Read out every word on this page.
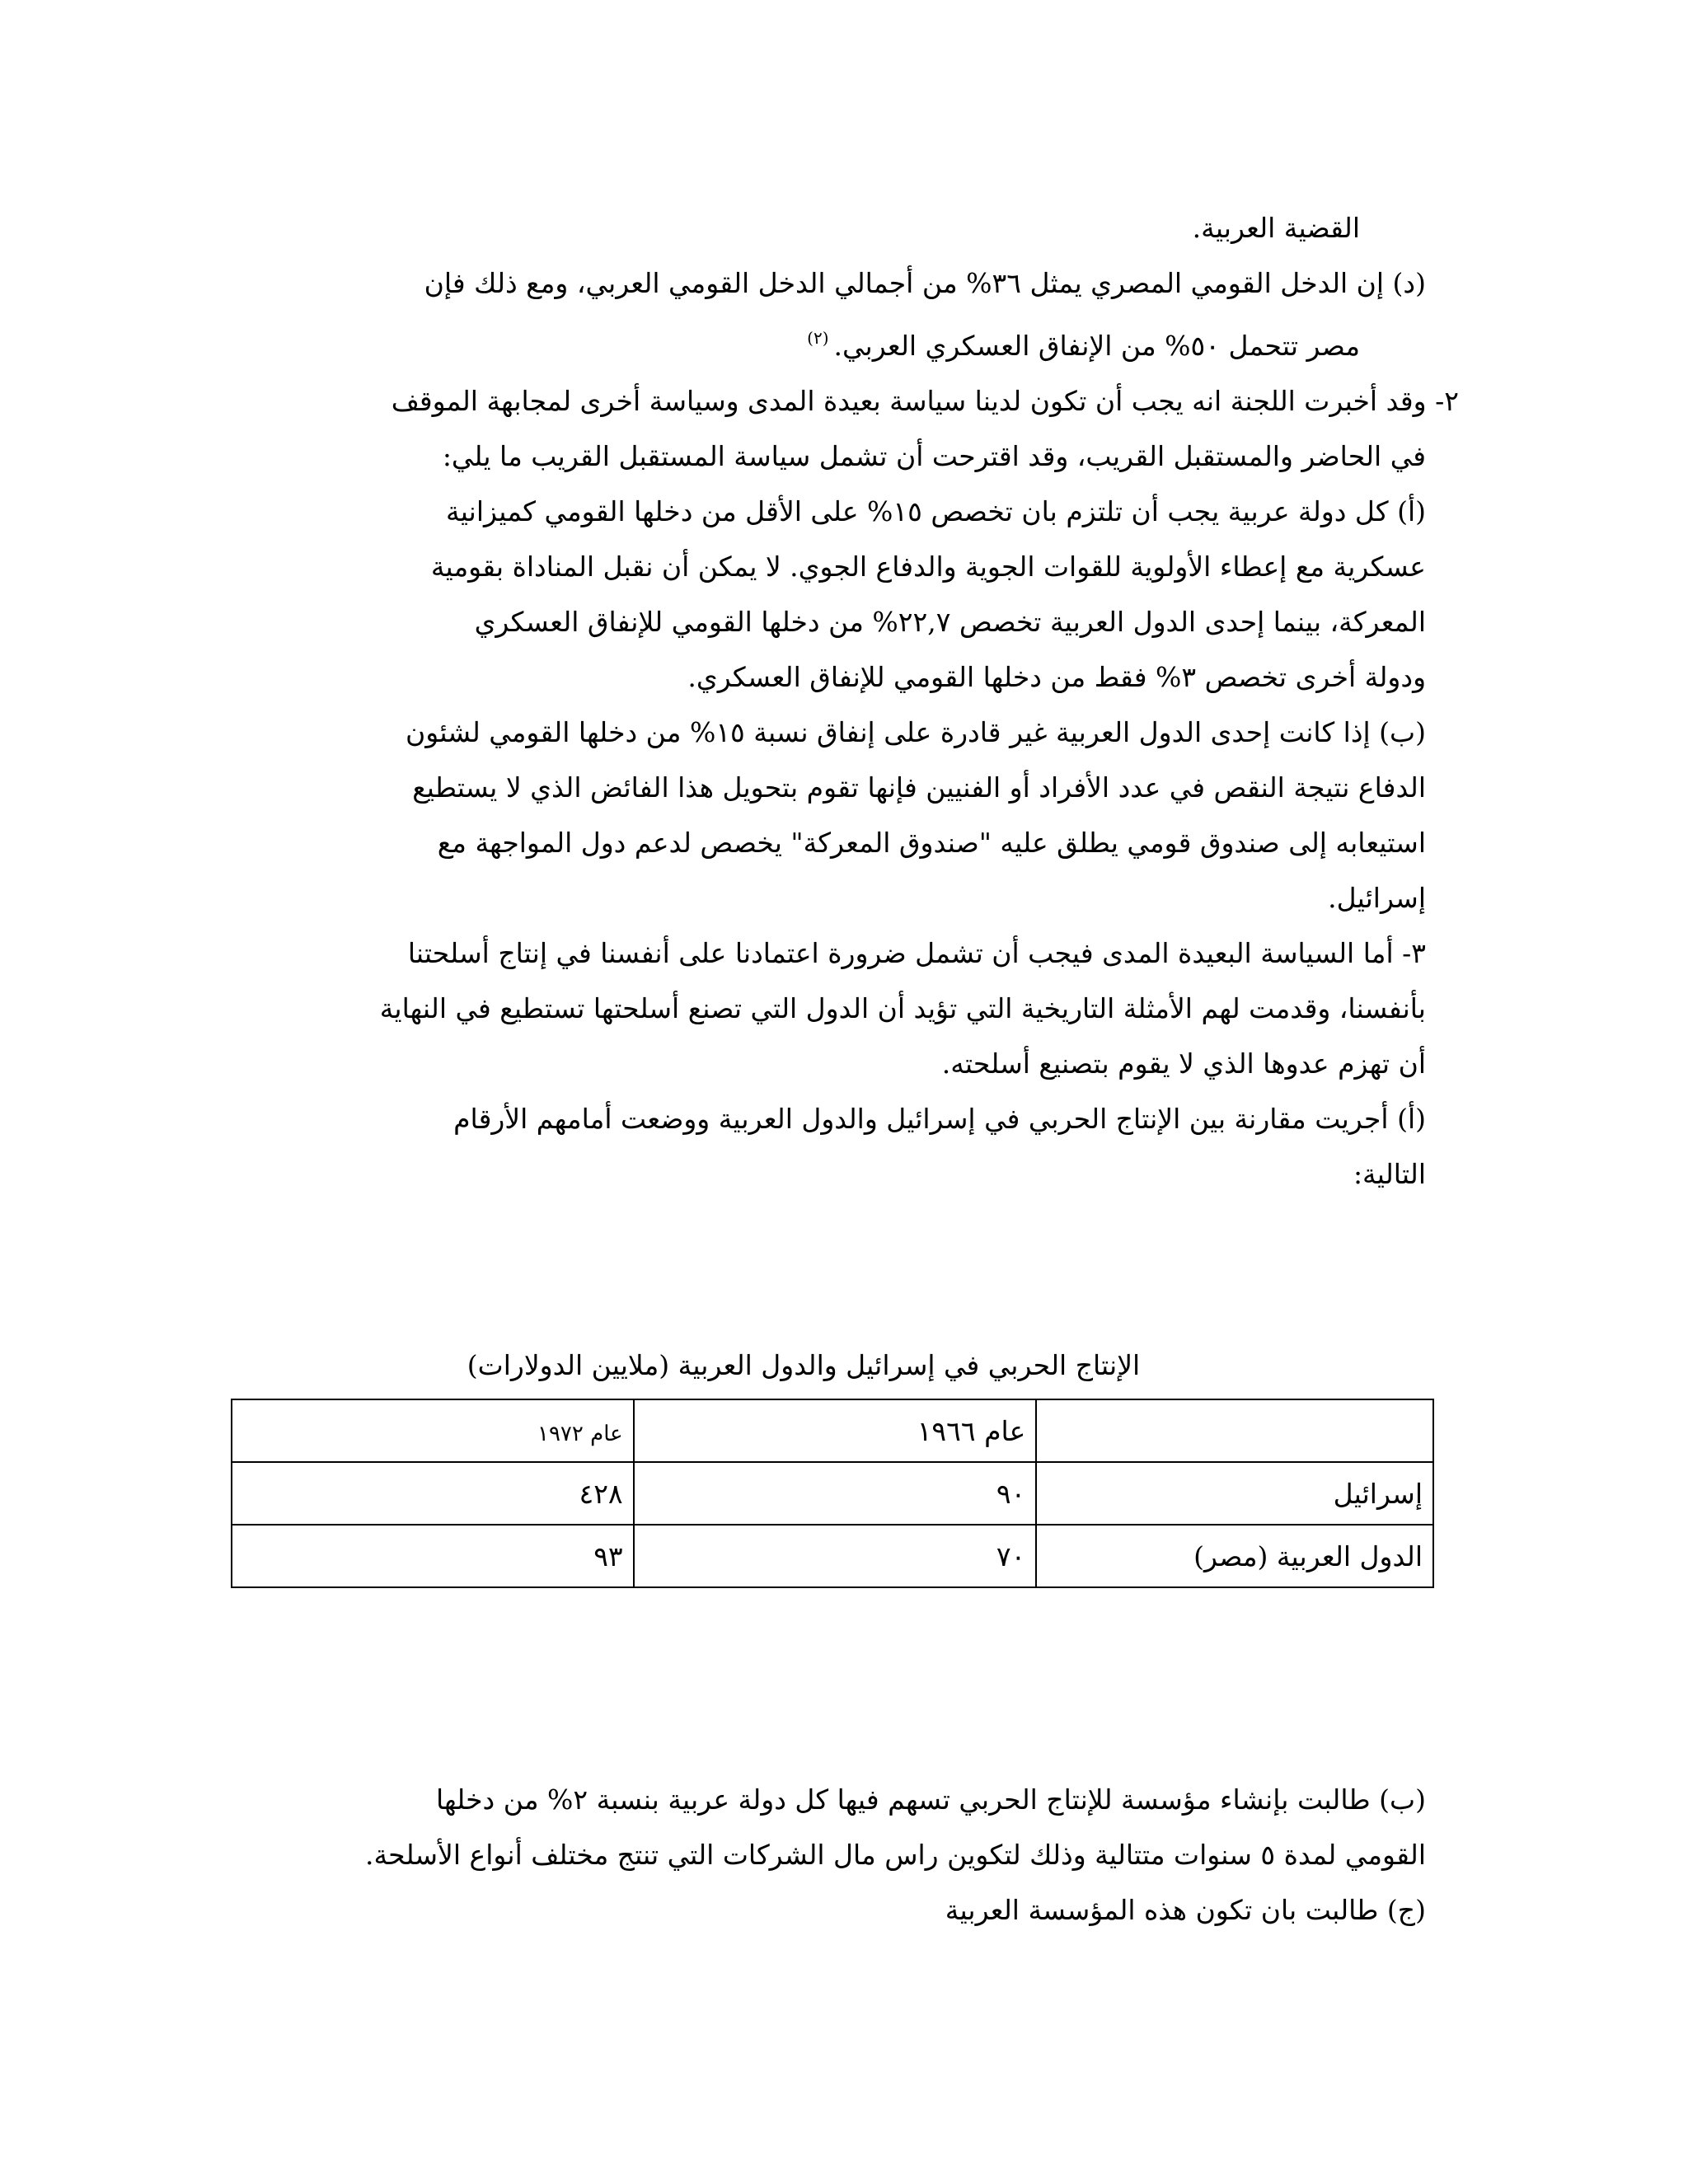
القضية العربية.
(د) إن الدخل القومي المصري يمثل ٣٦% من أجمالي الدخل القومي العربي، ومع ذلك فإن
مصر تتحمل ٥٠% من الإنفاق العسكري العربي.$^{(٢)}$
٢- وقد أخبرت اللجنة انه يجب أن تكون لدينا سياسة بعيدة المدى وسياسة أخرى لمجابهة الموقف
في الحاضر والمستقبل القريب، وقد اقترحت أن تشمل سياسة المستقبل القريب ما يلي:
(أ) كل دولة عربية يجب أن تلتزم بان تخصص ١٥% على الأقل من دخلها القومي كميزانية
عسكرية مع إعطاء الأولوية للقوات الجوية والدفاع الجوي. لا يمكن أن نقبل المناداة بقومية
المعركة، بينما إحدى الدول العربية تخصص ٢٢,٧% من دخلها القومي للإنفاق العسكري
ودولة أخرى تخصص ٣% فقط من دخلها القومي للإنفاق العسكري.
(ب) إذا كانت إحدى الدول العربية غير قادرة على إنفاق نسبة ١٥% من دخلها القومي لشئون
الدفاع نتيجة النقص في عدد الأفراد أو الفنيين فإنها تقوم بتحويل هذا الفائض الذي لا يستطيع
استيعابه إلى صندوق قومي يطلق عليه "صندوق المعركة" يخصص لدعم دول المواجهة مع
إسرائيل.
٣- أما السياسة البعيدة المدى فيجب أن تشمل ضرورة اعتمادنا على أنفسنا في إنتاج أسلحتنا
بأنفسنا، وقدمت لهم الأمثلة التاريخية التي تؤيد أن الدول التي تصنع أسلحتها تستطيع في النهاية
أن تهزم عدوها الذي لا يقوم بتصنيع أسلحته.
(أ) أجريت مقارنة بين الإنتاج الحربي في إسرائيل والدول العربية ووضعت أمامهم الأرقام
التالية:
الإنتاج الحربي في إسرائيل والدول العربية (ملايين الدولارات)
	عام ١٩٦٦	عام ١٩٧٢
إسرائيل	٩٠	٤٢٨
الدول العربية (مصر)	٧٠	٩٣
(ب) طالبت بإنشاء مؤسسة للإنتاج الحربي تسهم فيها كل دولة عربية بنسبة ٢% من دخلها
القومي لمدة ٥ سنوات متتالية وذلك لتكوين راس مال الشركات التي تنتج مختلف أنواع الأسلحة.
(ج) طالبت بان تكون هذه المؤسسة العربية
